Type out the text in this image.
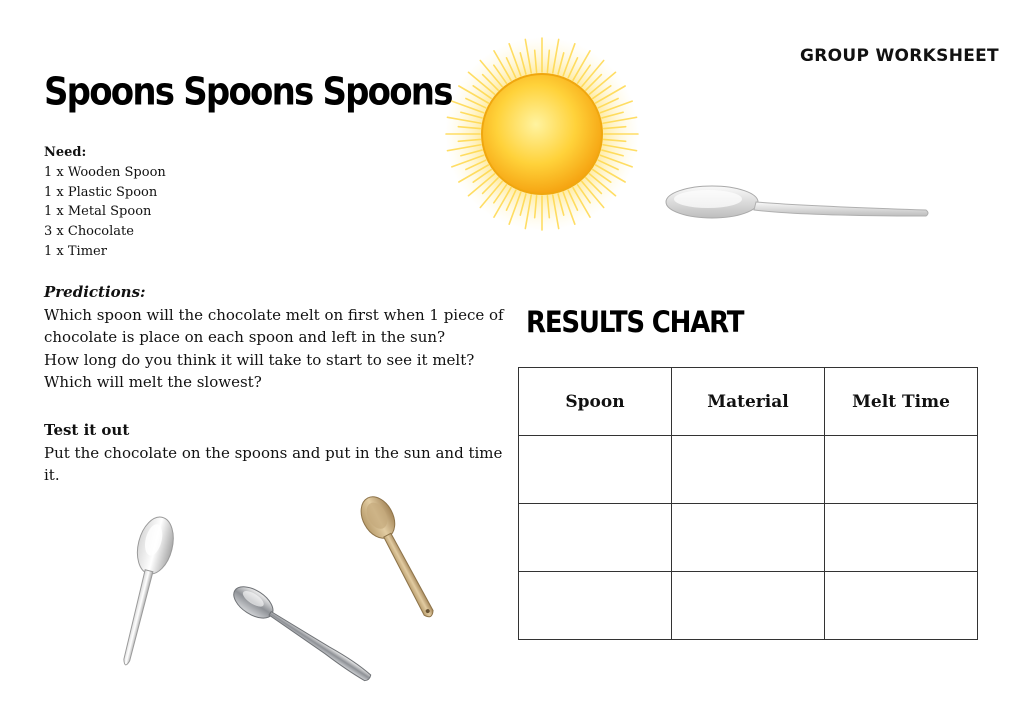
GROUP WORKSHEET
Spoons Spoons Spoons
Need:
1 x Wooden Spoon
1 x Plastic Spoon
1 x Metal Spoon
3 x Chocolate
1 x Timer
Predictions:
Which spoon will the chocolate melt on first when 1 piece of chocolate is place on each spoon and left in the sun?
How long do you think it will take to start to see it melt?
Which will melt the slowest?
Test it out
Put the chocolate on the spoons and put in the sun and time it.
RESULTS CHART
Spoon	Material	Melt Time
